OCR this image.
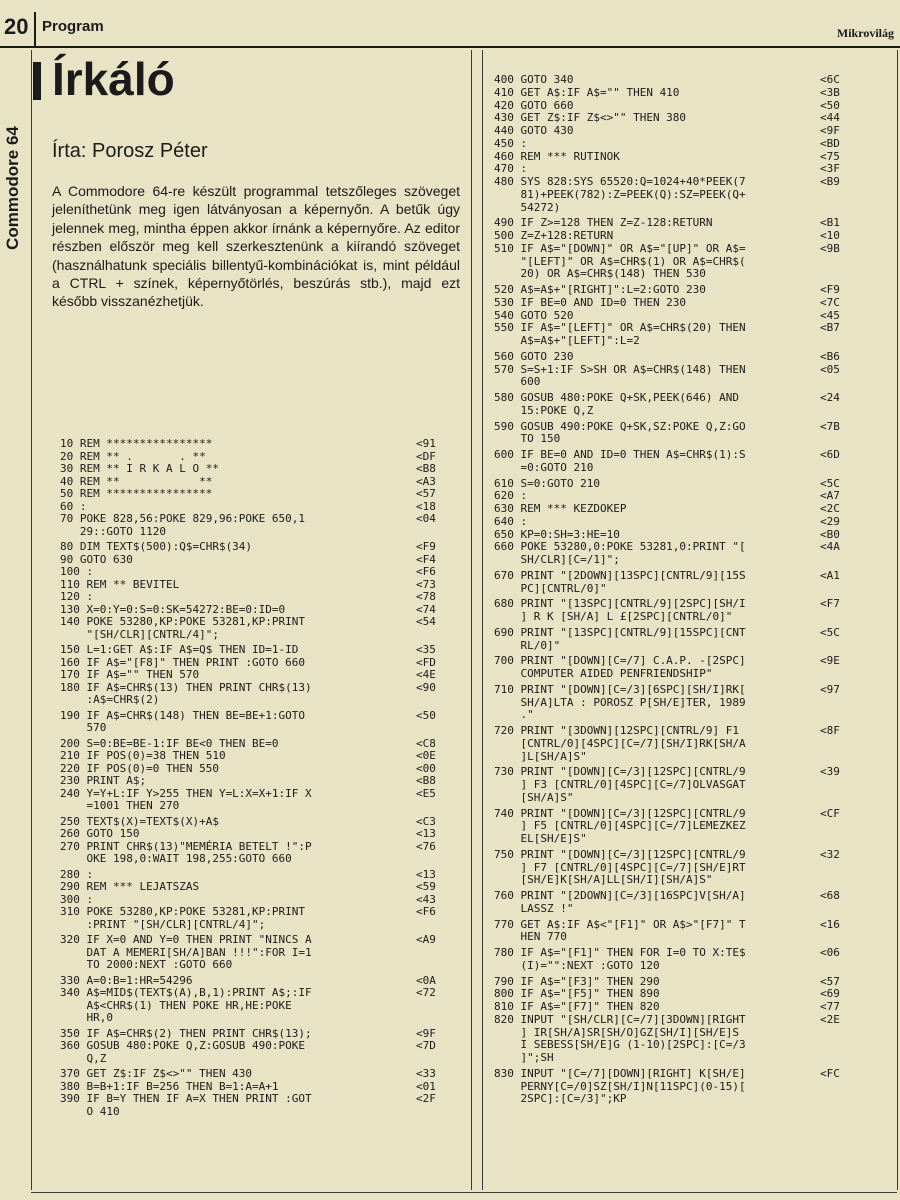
20 Program	Mikrovilág
Commodore 64
Írkáló
Írta: Porosz Péter
A Commodore 64-re készült programmal tetszőleges szöveget jeleníthetünk meg igen látványosan a képernyőn. A betűk úgy jelennek meg, mintha éppen akkor írnánk a képernyőre. Az editor részben először meg kell szerkesztenünk a kiírandó szöveget (használhatunk speciális billentyű-kombinációkat is, mint például a CTRL + színek, képernyőtörlés, beszúrás stb.), majd ezt később visszanézhetjük.
10 REM ****************	<91
20 REM ** .       . **	<DF
30 REM ** I R K A L O **	<B8
40 REM **            **	<A3
50 REM ****************	<57
60 :	<18
70 POKE 828,56:POKE 829,96:POKE 650,1
29::GOTO 1120
<04
80 DIM TEXT$(500):Q$=CHR$(34)	<F9
90 GOTO 630	<F4
100 :	<F6
110 REM ** BEVITEL	<73
120 :	<78
130 X=0:Y=0:S=0:SK=54272:BE=0:ID=0	<74
140 POKE 53280,KP:POKE 53281,KP:PRINT
"[SH/CLR][CNTRL/4]";
<54
150 L=1:GET A$:IF A$=Q$ THEN ID=1-ID	<35
160 IF A$="[F8]" THEN PRINT :GOTO 660	<FD
170 IF A$="" THEN 570	<4E
180 IF A$=CHR$(13) THEN PRINT CHR$(13)
:A$=CHR$(2)
<90
190 IF A$=CHR$(148) THEN BE=BE+1:GOTO
570
<50
200 S=0:BE=BE-1:IF BE<0 THEN BE=0	<C8
210 IF POS(0)=38 THEN 510	<0E
220 IF POS(0)=0 THEN 550	<00
230 PRINT A$;	<B8
240 Y=Y+L:IF Y>255 THEN Y=L:X=X+1:IF X
=1001 THEN 270
<E5
250 TEXT$(X)=TEXT$(X)+A$	<C3
260 GOTO 150	<13
270 PRINT CHR$(13)"MEMÉRIA BETELT !":P
OKE 198,0:WAIT 198,255:GOTO 660
<76
280 :	<13
290 REM *** LEJATSZAS	<59
300 :	<43
310 POKE 53280,KP:POKE 53281,KP:PRINT
:PRINT "[SH/CLR][CNTRL/4]";
<F6
320 IF X=0 AND Y=0 THEN PRINT "NINCS A
DAT A MEMERI[SH/A]BAN !!!":FOR I=1
TO 2000:NEXT :GOTO 660
<A9
330 A=0:B=1:HR=54296	<0A
340 A$=MID$(TEXT$(A),B,1):PRINT A$;:IF
A$<CHR$(1) THEN POKE HR,HE:POKE
HR,0
<72
350 IF A$=CHR$(2) THEN PRINT CHR$(13);	<9F
360 GOSUB 480:POKE Q,Z:GOSUB 490:POKE
Q,Z
<7D
370 GET Z$:IF Z$<>"" THEN 430	<33
380 B=B+1:IF B=256 THEN B=1:A=A+1	<01
390 IF B=Y THEN IF A=X THEN PRINT :GOT
O 410
<2F
400 GOTO 340	<6C
410 GET A$:IF A$="" THEN 410	<3B
420 GOTO 660	<50
430 GET Z$:IF Z$<>"" THEN 380	<44
440 GOTO 430	<9F
450 :	<BD
460 REM *** RUTINOK	<75
470 :	<3F
480 SYS 828:SYS 65520:Q=1024+40*PEEK(7
81)+PEEK(782):Z=PEEK(Q):SZ=PEEK(Q+
54272)
<B9
490 IF Z>=128 THEN Z=Z-128:RETURN	<B1
500 Z=Z+128:RETURN	<10
510 IF A$="[DOWN]" OR A$="[UP]" OR A$=
"[LEFT]" OR A$=CHR$(1) OR A$=CHR$(
20) OR A$=CHR$(148) THEN 530
<9B
520 A$=A$+"[RIGHT]":L=2:GOTO 230	<F9
530 IF BE=0 AND ID=0 THEN 230	<7C
540 GOTO 520	<45
550 IF A$="[LEFT]" OR A$=CHR$(20) THEN
A$=A$+"[LEFT]":L=2
<B7
560 GOTO 230	<B6
570 S=S+1:IF S>SH OR A$=CHR$(148) THEN
600
<05
580 GOSUB 480:POKE Q+SK,PEEK(646) AND
15:POKE Q,Z
<24
590 GOSUB 490:POKE Q+SK,SZ:POKE Q,Z:GO
TO 150
<7B
600 IF BE=0 AND ID=0 THEN A$=CHR$(1):S
=0:GOTO 210
<6D
610 S=0:GOTO 210	<5C
620 :	<A7
630 REM *** KEZDOKEP	<2C
640 :	<29
650 KP=0:SH=3:HE=10	<B0
660 POKE 53280,0:POKE 53281,0:PRINT "[
SH/CLR][C=/1]";
<4A
670 PRINT "[2DOWN][13SPC][CNTRL/9][15S
PC][CNTRL/0]"
<A1
680 PRINT "[13SPC][CNTRL/9][2SPC][SH/I
] R K [SH/A] L £[2SPC][CNTRL/0]"
<F7
690 PRINT "[13SPC][CNTRL/9][15SPC][CNT
RL/0]"
<5C
700 PRINT "[DOWN][C=/7] C.A.P. -[2SPC]
COMPUTER AIDED PENFRIENDSHIP"
<9E
710 PRINT "[DOWN][C=/3][6SPC][SH/I]RK[
SH/A]LTA : POROSZ P[SH/E]TER, 1989
."
<97
720 PRINT "[3DOWN][12SPC][CNTRL/9] F1
[CNTRL/0][4SPC][C=/7][SH/I]RK[SH/A
]L[SH/A]S"
<8F
730 PRINT "[DOWN][C=/3][12SPC][CNTRL/9
] F3 [CNTRL/0][4SPC][C=/7]OLVASGAT
[SH/A]S"
<39
740 PRINT "[DOWN][C=/3][12SPC][CNTRL/9
] F5 [CNTRL/0][4SPC][C=/7]LEMEZKEZ
EL[SH/E]S"
<CF
750 PRINT "[DOWN][C=/3][12SPC][CNTRL/9
] F7 [CNTRL/0][4SPC][C=/7][SH/E]RT
[SH/E]K[SH/A]LL[SH/I][SH/A]S"
<32
760 PRINT "[2DOWN][C=/3][16SPC]V[SH/A]
LASSZ !"
<68
770 GET A$:IF A$<"[F1]" OR A$>"[F7]" T
HEN 770
<16
780 IF A$="[F1]" THEN FOR I=0 TO X:TE$
(I)="":NEXT :GOTO 120
<06
790 IF A$="[F3]" THEN 290	<57
800 IF A$="[F5]" THEN 890	<69
810 IF A$="[F7]" THEN 820	<77
820 INPUT "[SH/CLR][C=/7][3DOWN][RIGHT
] IR[SH/A]SR[SH/O]GZ[SH/I][SH/E]S
I SEBESS[SH/E]G (1-10)[2SPC]:[C=/3
]";SH
<2E
830 INPUT "[C=/7][DOWN][RIGHT] K[SH/E]
PERNY[C=/0]SZ[SH/I]N[11SPC](0-15)[
2SPC]:[C=/3]";KP
<FC
